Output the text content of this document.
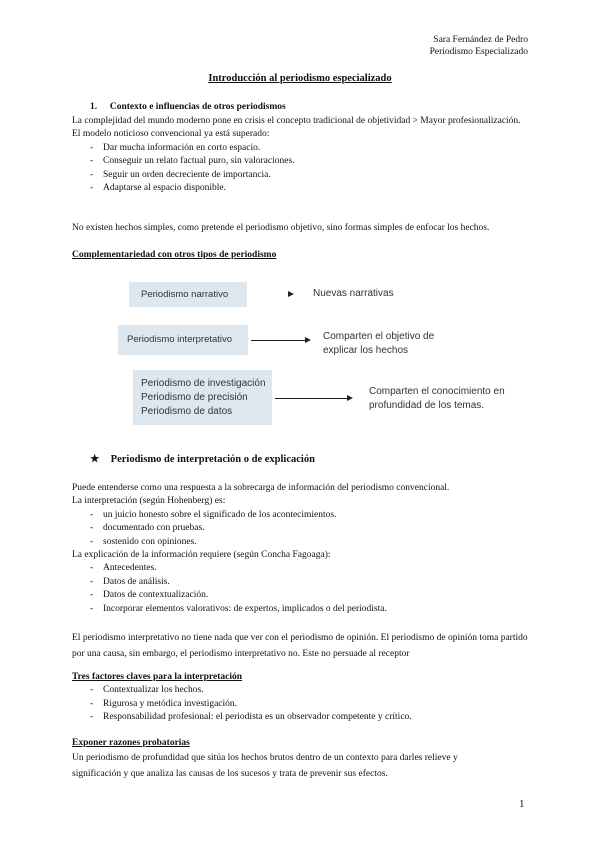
Sara Fernández de Pedro
Periodismo Especializado
Introducción al periodismo especializado
1. Contexto e influencias de otros periodismos
La complejidad del mundo moderno pone en crisis el concepto tradicional de objetividad > Mayor profesionalización.
El modelo noticioso convencional ya está superado:
- Dar mucha información en corto espacio.
- Conseguir un relato factual puro, sin valoraciones.
- Seguir un orden decreciente de importancia.
- Adaptarse al espacio disponible.
No existen hechos simples, como pretende el periodismo objetivo, sino formas simples de enfocar los hechos.
Complementariedad con otros tipos de periodismo
Periodismo narrativo	Nuevas narrativas
Periodismo interpretativo	Comparten el objetivo de
explicar los hechos
Periodismo de investigación
Periodismo de precisión
Periodismo de datos
Comparten el conocimiento en
profundidad de los temas.
★ Periodismo de interpretación o de explicación
Puede entenderse como una respuesta a la sobrecarga de información del periodismo convencional.
La interpretación (según Hohenberg) es:
- un juicio honesto sobre el significado de los acontecimientos.
- documentado con pruebas.
- sostenido con opiniones.
La explicación de la información requiere (según Concha Fagoaga):
- Antecedentes.
- Datos de análisis.
- Datos de contextualización.
- Incorporar elementos valorativos: de expertos, implicados o del periodista.
El periodismo interpretativo no tiene nada que ver con el periodismo de opinión. El periodismo de opinión toma partido por una causa, sin embargo, el periodismo interpretativo no. Este no persuade al receptor
Tres factores claves para la interpretación
- Contextualizar los hechos.
- Rigurosa y metódica investigación.
- Responsabilidad profesional: el periodista es un observador competente y crítico.
Exponer razones probatorias
Un periodismo de profundidad que sitúa los hechos brutos dentro de un contexto para darles relieve y significación y que analiza las causas de los sucesos y trata de prevenir sus efectos.
1
